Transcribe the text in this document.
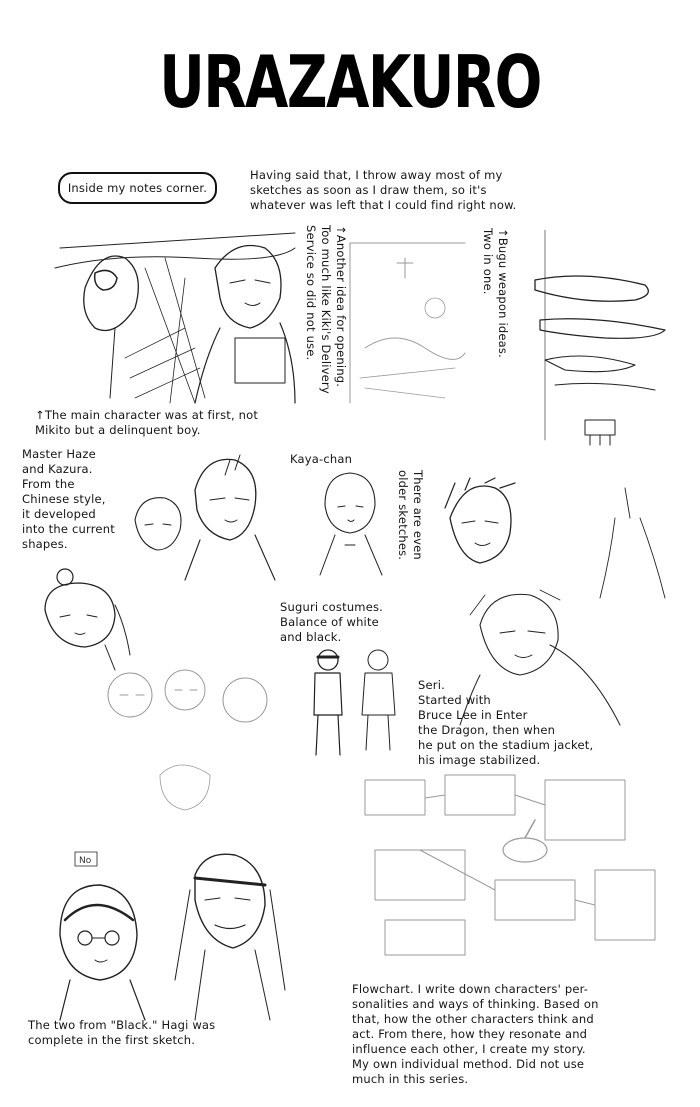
URAZAKURO
Inside my notes corner.
Having said that, I throw away most of my
sketches as soon as I draw them, so it's
whatever was left that I could find right now.
↑Another idea for opening.
Too much like Kiki's Delivery
Service so did not use.
↑Bugu weapon ideas.
Two in one.
↑The main character was at first, not
Mikito but a delinquent boy.
Master Haze
and Kazura.
From the
Chinese style,
it developed
into the current
shapes.
Kaya-chan
There are even
older sketches.
Suguri costumes.
Balance of white
and black.
Seri.
Started with
Bruce Lee in Enter
the Dragon, then when
he put on the stadium jacket,
his image stabilized.
No
The two from "Black." Hagi was
complete in the first sketch.
Flowchart. I write down characters' per-
sonalities and ways of thinking. Based on
that, how the other characters think and
act. From there, how they resonate and
influence each other, I create my story.
My own individual method. Did not use
much in this series.
